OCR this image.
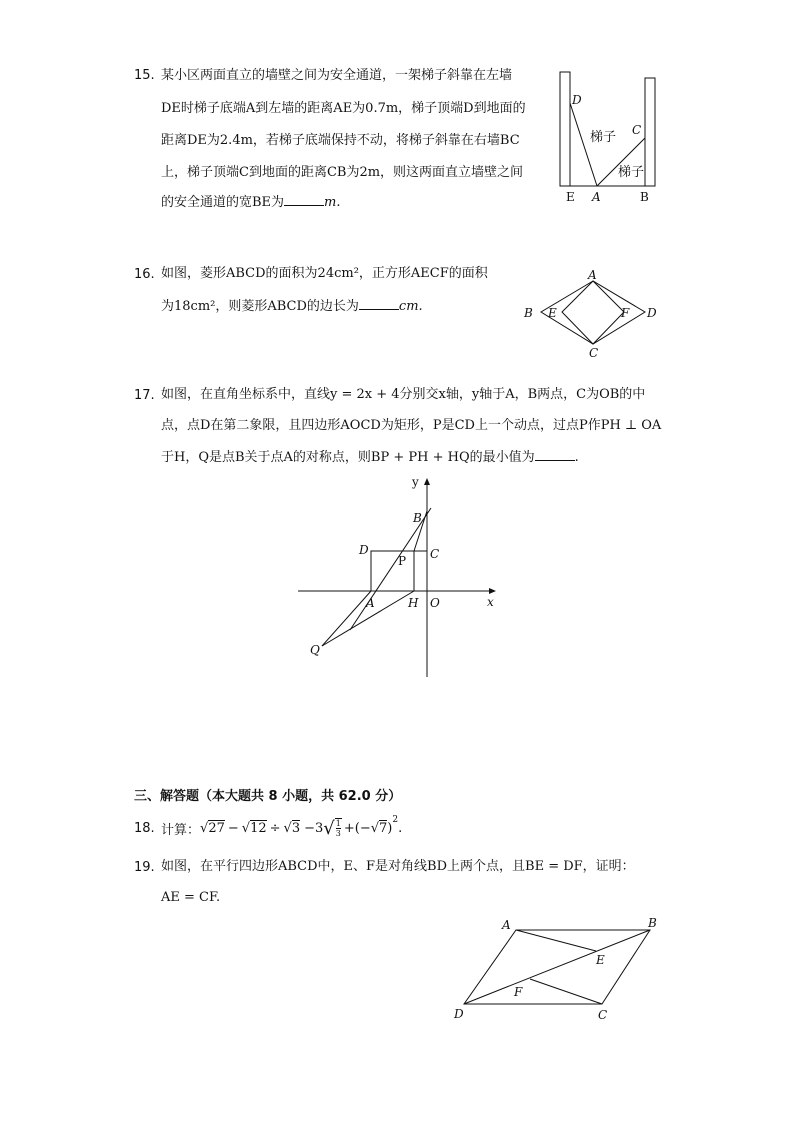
15. 某小区两面直立的墙壁之间为安全通道，一架梯子斜靠在左墙
DE时梯子底端A到左墙的距离AE为0.7m，梯子顶端D到地面的
距离DE为2.4m，若梯子底端保持不动，将梯子斜靠在右墙BC
上，梯子顶端C到地面的距离CB为2m，则这两面直立墙壁之间
的安全通道的宽BE为	m.
D
C
E A	B
梯子
梯子
16. 如图，菱形ABCD的面积为24cm²，正方形AECF的面积
为18cm²，则菱形ABCD的边长为	cm.
A
B E	F D
C
17. 如图，在直角坐标系中，直线y = 2x + 4分别交x轴，y轴于A，B两点，C为OB的中
点，点D在第二象限，且四边形AOCD为矩形，P是CD上一个动点，过点P作PH ⊥ OA
于H，Q是点B关于点A的对称点，则BP + PH + HQ的最小值为	.
y
B
D	C
P
A	H O	x
Q
三、解答题（本大题共 8 小题，共 62.0 分）
18. 计算： √ 27 − √ 12 ÷ √ 3 −3 √ $\frac{1}{3}$ +( − √ 7 )
$^2$
.
19. 如图，在平行四边形ABCD中，E、F是对角线BD上两个点，且BE = DF，证明：
AE = CF.
A	B
E
F
D	C
